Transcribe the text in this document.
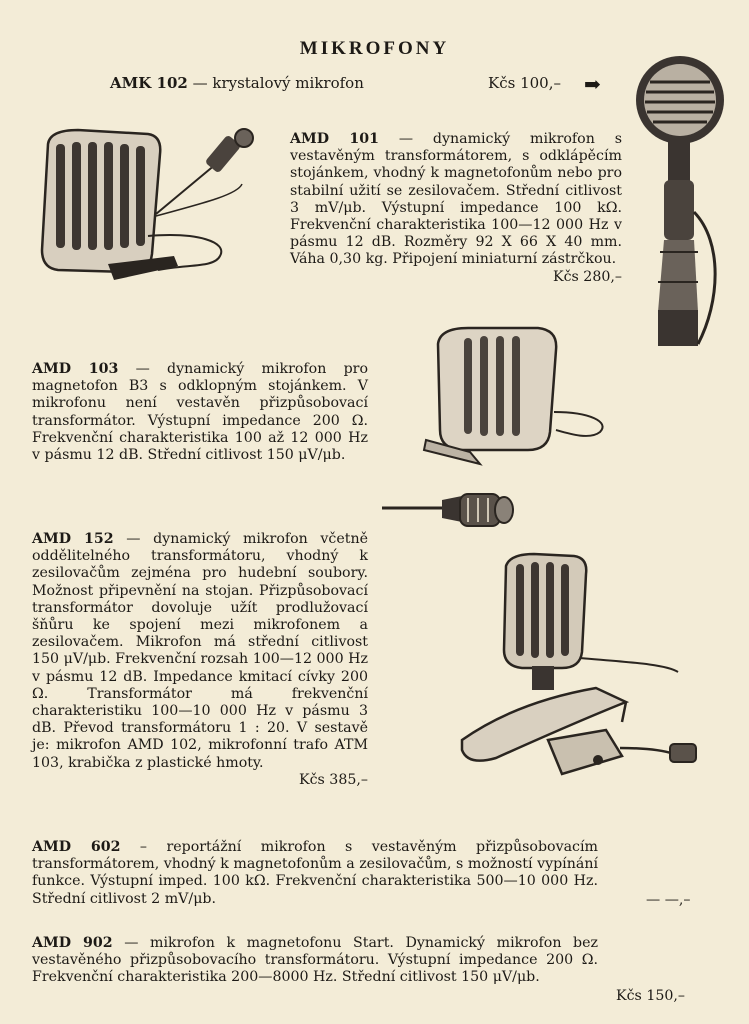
MIKROFONY
AMK 102 — krystalový mikrofon	Kčs 100,– ➡
AMD 101 — dynamický mikrofon s vestavěným transformátorem, s odklápěcím stojánkem, vhodný k magnetofonům nebo pro stabilní užití se zesilovačem. Střední citlivost 3 mV/μb. Výstupní impedance 100 kΩ. Frekvenční charakteristika 100—12 000 Hz v pásmu 12 dB. Rozměry 92 X 66 X 40 mm. Váha 0,30 kg. Připojení miniaturní zástrčkou.
Kčs 280,–
AMD 103 — dynamický mikrofon pro magnetofon B3 s odklopným stojánkem. V mikrofonu není vestavěn přizpůsobovací transformátor. Výstupní impedance 200 Ω. Frekvenční charakteristika 100 až 12 000 Hz v pásmu 12 dB. Střední citlivost 150 μV/μb.
AMD 152 — dynamický mikrofon včetně oddělitelného transformátoru, vhodný k zesilovačům zejména pro hudební soubory. Možnost připevnění na stojan. Přizpůsobovací transformátor dovoluje užít prodlužovací šňůru ke spojení mezi mikrofonem a zesilovačem. Mikrofon má střední citlivost 150 μV/μb. Frekvenční rozsah 100—12 000 Hz v pásmu 12 dB. Impedance kmitací cívky 200 Ω. Transformátor má frekvenční charakteristiku 100—10 000 Hz v pásmu 3 dB. Převod transformátoru 1 : 20. V sestavě je: mikrofon AMD 102, mikrofonní trafo ATM 103, krabička z plastické hmoty.
Kčs 385,–
AMD 602 – reportážní mikrofon s vestavěným přizpůsobovacím transformátorem, vhodný k magnetofonům a zesilovačům, s možností vypínání funkce. Výstupní imped. 100 kΩ. Frekvenční charakteristika 500—10 000 Hz. Střední citlivost 2 mV/μb.	— —,–
AMD 902 — mikrofon k magnetofonu Start. Dynamický mikrofon bez vestavěného přizpůsobovacího transformátoru. Výstupní impedance 200 Ω. Frekvenční charakteristika 200—8000 Hz. Střední citlivost 150 μV/μb.
Kčs 150,–
